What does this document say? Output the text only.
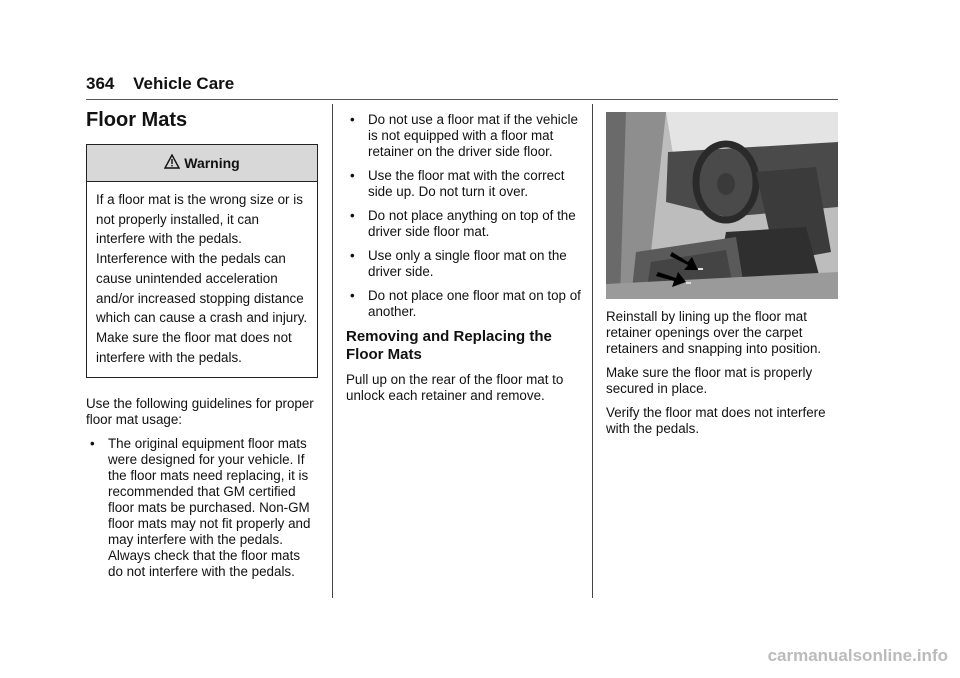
364 Vehicle Care
Floor Mats
Warning
If a floor mat is the wrong size or is not properly installed, it can interfere with the pedals. Interference with the pedals can cause unintended acceleration and/or increased stopping distance which can cause a crash and injury. Make sure the floor mat does not interfere with the pedals.

Use the following guidelines for proper floor mat usage:

• The original equipment floor mats were designed for your vehicle. If the floor mats need replacing, it is recommended that GM certified floor mats be purchased. Non-GM floor mats may not fit properly and may interfere with the pedals. Always check that the floor mats do not interfere with the pedals.
• Do not use a floor mat if the vehicle is not equipped with a floor mat retainer on the driver side floor.
• Use the floor mat with the correct side up. Do not turn it over.
• Do not place anything on top of the driver side floor mat.
• Use only a single floor mat on the driver side.
• Do not place one floor mat on top of another.
Removing and Replacing the Floor Mats

Pull up on the rear of the floor mat to unlock each retainer and remove.

Reinstall by lining up the floor mat retainer openings over the carpet retainers and snapping into position.

Make sure the floor mat is properly secured in place.

Verify the floor mat does not interfere with the pedals.

carmanualsonline.info
